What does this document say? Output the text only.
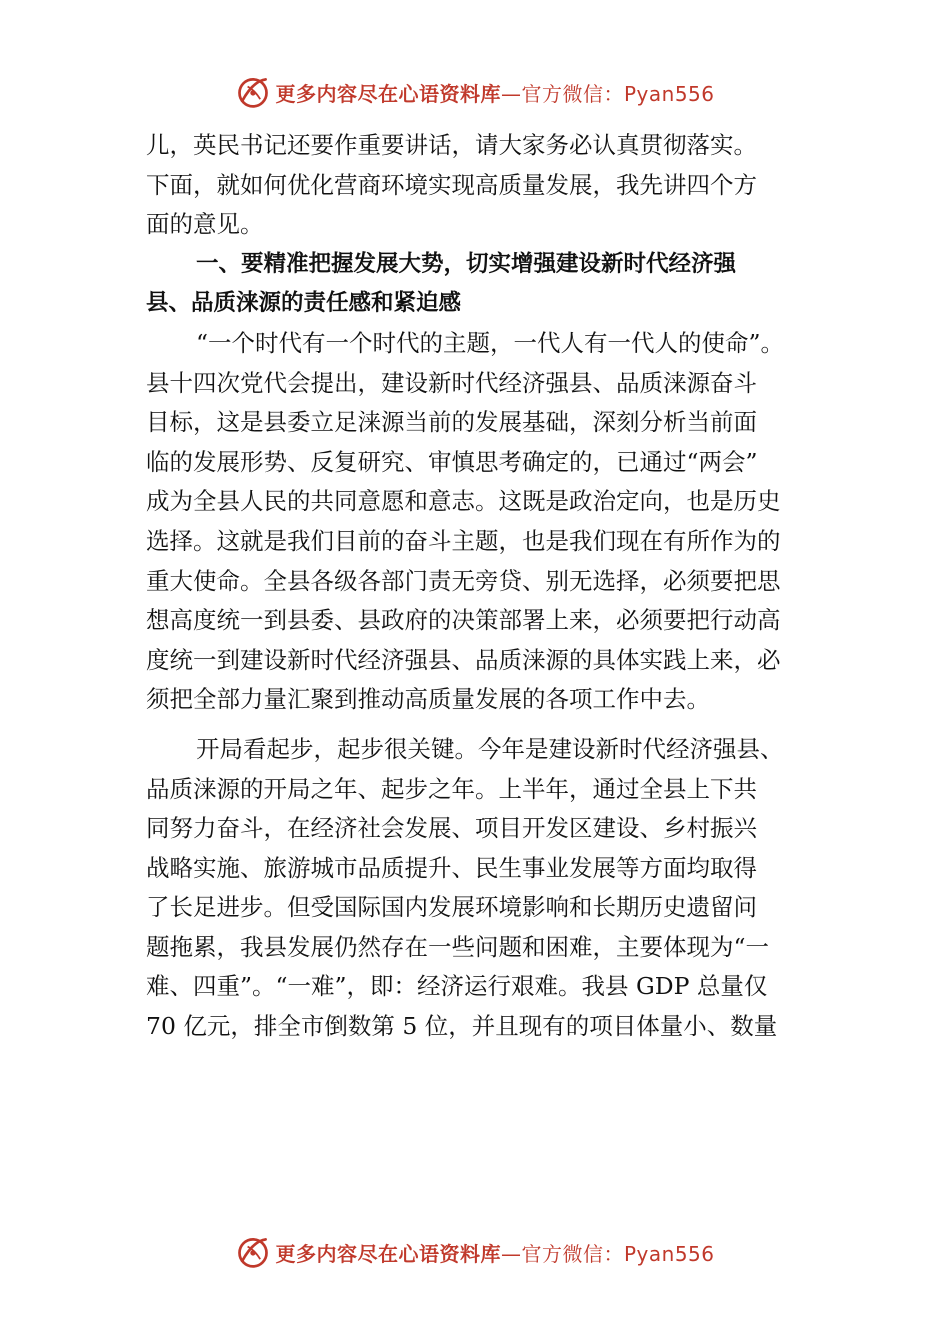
更多内容尽在心语资料库—官方微信：Pyan556
儿，英民书记还要作重要讲话，请大家务必认真贯彻落实。
下面，就如何优化营商环境实现高质量发展，我先讲四个方
面的意见。
一、要精准把握发展大势，切实增强建设新时代经济强
县、品质涞源的责任感和紧迫感
“一个时代有一个时代的主题，一代人有一代人的使命”。
县十四次党代会提出，建设新时代经济强县、品质涞源奋斗
目标，这是县委立足涞源当前的发展基础，深刻分析当前面
临的发展形势、反复研究、审慎思考确定的，已通过“两会”
成为全县人民的共同意愿和意志。这既是政治定向，也是历史
选择。这就是我们目前的奋斗主题，也是我们现在有所作为的
重大使命。全县各级各部门责无旁贷、别无选择，必须要把思
想高度统一到县委、县政府的决策部署上来，必须要把行动高
度统一到建设新时代经济强县、品质涞源的具体实践上来，必
须把全部力量汇聚到推动高质量发展的各项工作中去。
开局看起步，起步很关键。今年是建设新时代经济强县、
品质涞源的开局之年、起步之年。上半年，通过全县上下共
同努力奋斗，在经济社会发展、项目开发区建设、乡村振兴
战略实施、旅游城市品质提升、民生事业发展等方面均取得
了长足进步。但受国际国内发展环境影响和长期历史遗留问
题拖累，我县发展仍然存在一些问题和困难，主要体现为“一
难、四重”。“一难”，即：经济运行艰难。我县 GDP 总量仅
70 亿元，排全市倒数第 5 位，并且现有的项目体量小、数量
更多内容尽在心语资料库—官方微信：Pyan556
